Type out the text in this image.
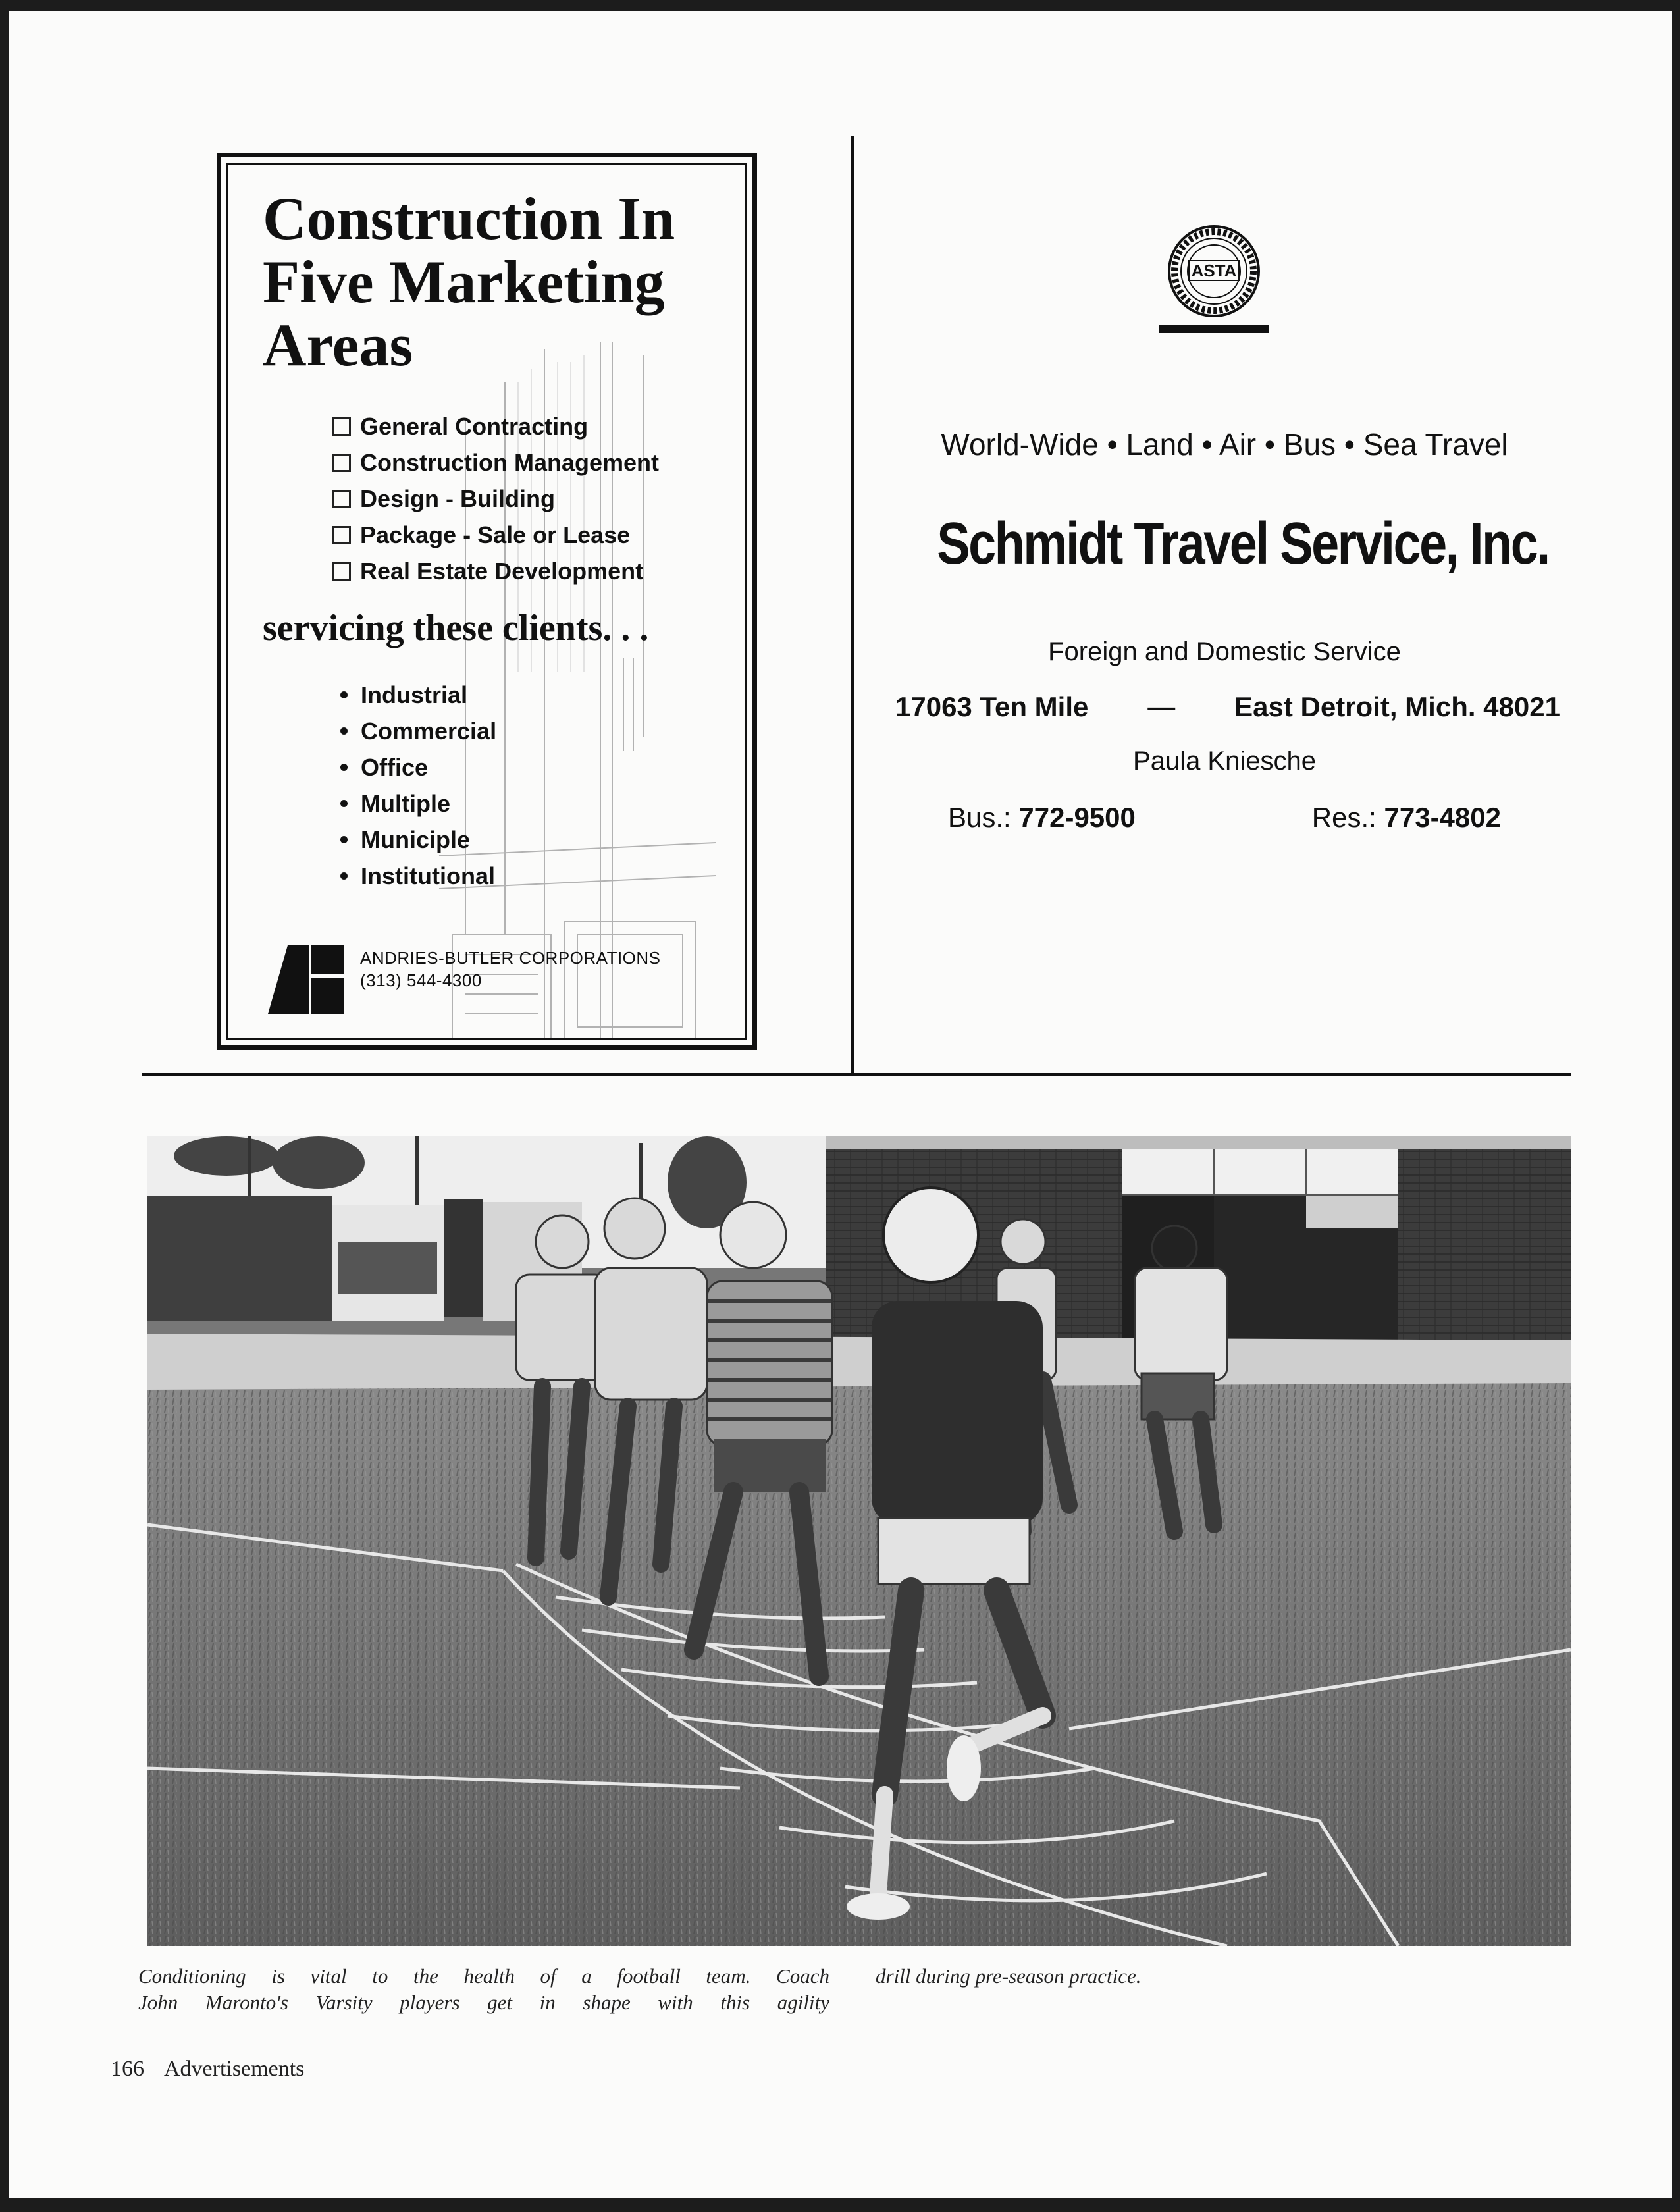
Construction In
Five Marketing
Areas
General Contracting
Construction Management
Design - Building
Package - Sale or Lease
Real Estate Development
servicing these clients. . .
Industrial
Commercial
Office
Multiple
Municiple
Institutional
ANDRIES-BUTLER CORPORATIONS
(313) 544-4300
ASTA
World-Wide • Land • Air • Bus • Sea Travel
Schmidt Travel Service, Inc.
Foreign and Domestic Service
17063 Ten Mile — East Detroit, Mich. 48021
Paula Kniesche
Bus.: 772-9500	Res.: 773-4802
Conditioning is vital to the health of a football team. Coach
John Maronto's Varsity players get in shape with this agility
drill during pre-season practice.
166 Advertisements
